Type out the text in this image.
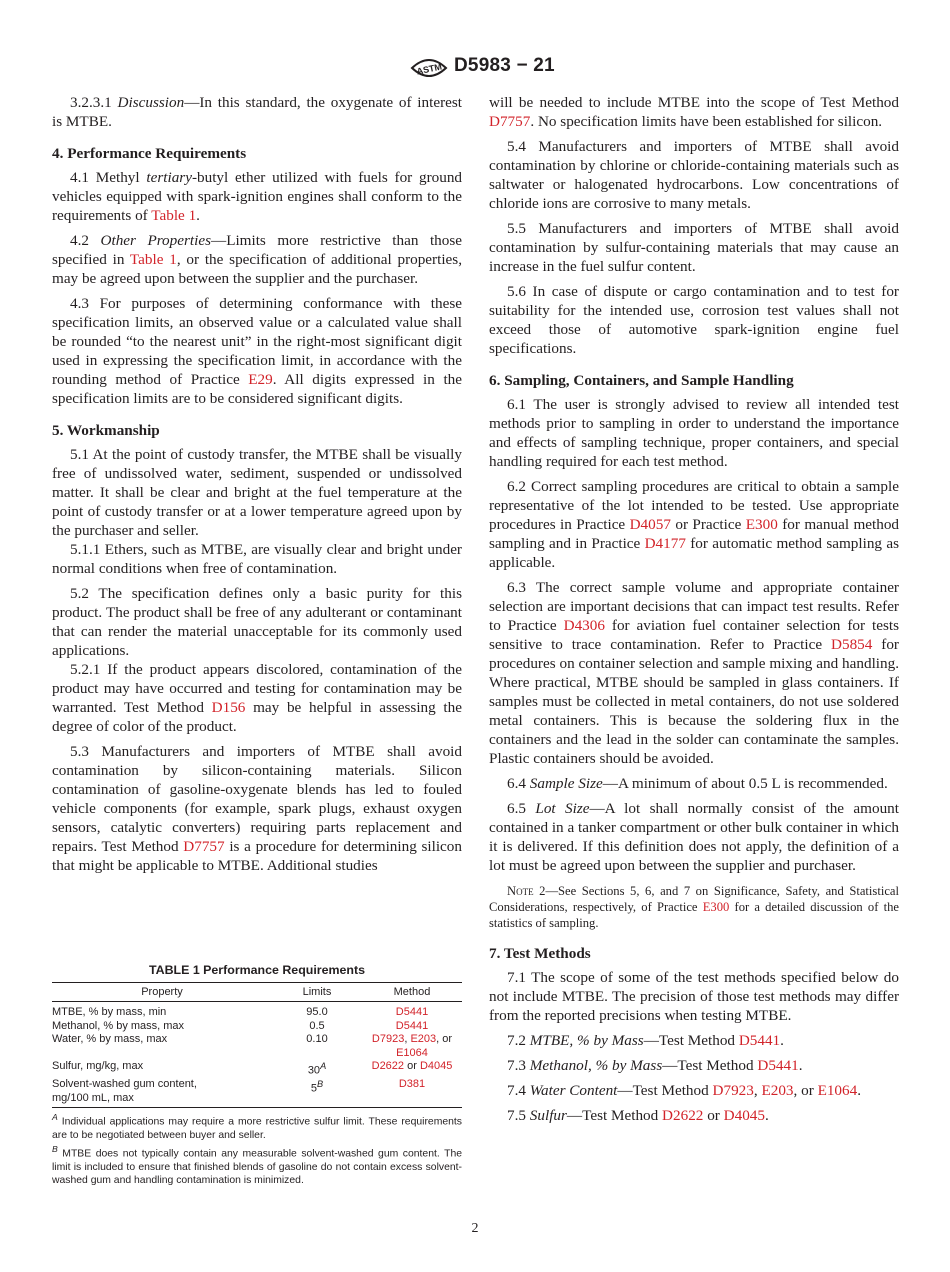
ASTM D5983 − 21

3.2.3.1 Discussion—In this standard, the oxygenate of interest is MTBE.

4. Performance Requirements

4.1 Methyl tertiary-butyl ether utilized with fuels for ground vehicles equipped with spark-ignition engines shall conform to the requirements of Table 1.

4.2 Other Properties—Limits more restrictive than those specified in Table 1, or the specification of additional properties, may be agreed upon between the supplier and the purchaser.

4.3 For purposes of determining conformance with these specification limits, an observed value or a calculated value shall be rounded “to the nearest unit” in the right-most significant digit used in expressing the specification limit, in accordance with the rounding method of Practice E29. All digits expressed in the specification limits are to be considered significant digits.

5. Workmanship

5.1 At the point of custody transfer, the MTBE shall be visually free of undissolved water, sediment, suspended or undissolved matter. It shall be clear and bright at the fuel temperature at the point of custody transfer or at a lower temperature agreed upon by the purchaser and seller.

5.1.1 Ethers, such as MTBE, are visually clear and bright under normal conditions when free of contamination.

5.2 The specification defines only a basic purity for this product. The product shall be free of any adulterant or contaminant that can render the material unacceptable for its commonly used applications.

5.2.1 If the product appears discolored, contamination of the product may have occurred and testing for contamination may be warranted. Test Method D156 may be helpful in assessing the degree of color of the product.

5.3 Manufacturers and importers of MTBE shall avoid contamination by silicon-containing materials. Silicon contamination of gasoline-oxygenate blends has led to fouled vehicle components (for example, spark plugs, exhaust oxygen sensors, catalytic converters) requiring parts replacement and repairs. Test Method D7757 is a procedure for determining silicon that might be applicable to MTBE. Additional studies

TABLE 1 Performance Requirements
Property	Limits	Method
MTBE, % by mass, min	95.0	D5441
Methanol, % by mass, max	0.5	D5441
Water, % by mass, max	0.10	D7923, E203, or
E1064
Sulfur, mg/kg, max	$30^A$	D2622 or D4045
Solvent-washed gum content,
mg/100 mL, max	$5^B$	D381
$^A$ Individual applications may require a more restrictive sulfur limit. These requirements are to be negotiated between buyer and seller.
$^B$ MTBE does not typically contain any measurable solvent-washed gum content. The limit is included to ensure that finished blends of gasoline do not contain excess solvent-washed gum and handling contamination is minimized.

will be needed to include MTBE into the scope of Test Method D7757. No specification limits have been established for silicon.

5.4 Manufacturers and importers of MTBE shall avoid contamination by chlorine or chloride-containing materials such as saltwater or halogenated hydrocarbons. Low concentrations of chloride ions are corrosive to many metals.

5.5 Manufacturers and importers of MTBE shall avoid contamination by sulfur-containing materials that may cause an increase in the fuel sulfur content.

5.6 In case of dispute or cargo contamination and to test for suitability for the intended use, corrosion test values shall not exceed those of automotive spark-ignition engine fuel specifications.

6. Sampling, Containers, and Sample Handling

6.1 The user is strongly advised to review all intended test methods prior to sampling in order to understand the importance and effects of sampling technique, proper containers, and special handling required for each test method.

6.2 Correct sampling procedures are critical to obtain a sample representative of the lot intended to be tested. Use appropriate procedures in Practice D4057 or Practice E300 for manual method sampling and in Practice D4177 for automatic method sampling as applicable.

6.3 The correct sample volume and appropriate container selection are important decisions that can impact test results. Refer to Practice D4306 for aviation fuel container selection for tests sensitive to trace contamination. Refer to Practice D5854 for procedures on container selection and sample mixing and handling. Where practical, MTBE should be sampled in glass containers. If samples must be collected in metal containers, do not use soldered metal containers. This is because the soldering flux in the containers and the lead in the solder can contaminate the samples. Plastic containers should be avoided.

6.4 Sample Size—A minimum of about 0.5 L is recommended.

6.5 Lot Size—A lot shall normally consist of the amount contained in a tanker compartment or other bulk container in which it is delivered. If this definition does not apply, the definition of a lot must be agreed upon between the supplier and purchaser.

Note 2—See Sections 5, 6, and 7 on Significance, Safety, and Statistical Considerations, respectively, of Practice E300 for a detailed discussion of the statistics of sampling.

7. Test Methods

7.1 The scope of some of the test methods specified below do not include MTBE. The precision of those test methods may differ from the reported precisions when testing MTBE.

7.2 MTBE, % by Mass—Test Method D5441.

7.3 Methanol, % by Mass—Test Method D5441.

7.4 Water Content—Test Method D7923, E203, or E1064.

7.5 Sulfur—Test Method D2622 or D4045.

2
